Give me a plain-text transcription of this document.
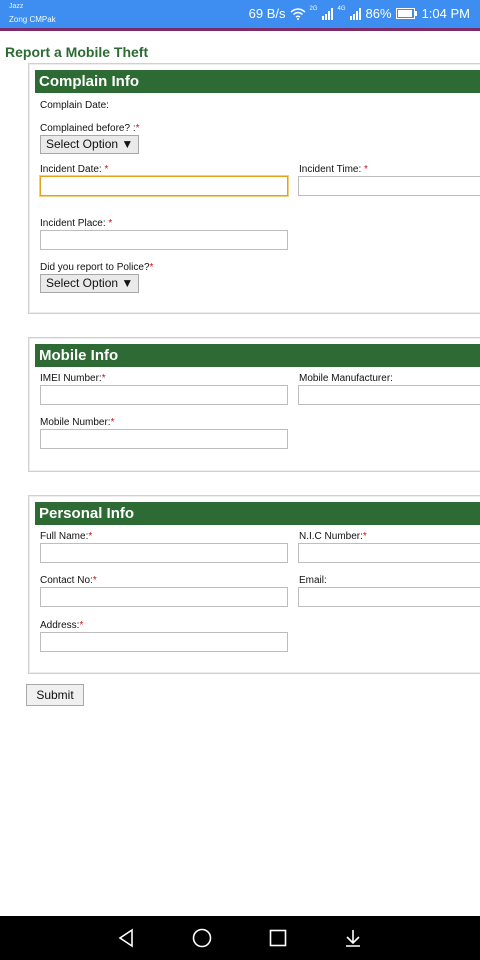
Jazz
Zong CMPak	69 B/s	2G	4G 86% 1:04 PM
Report a Mobile Theft
Complain Info
Complain Date:
Complained before? :*
Select Option ▼
Incident Date: *	Incident Time: *
Incident Place: *
Did you report to Police?*
Select Option ▼
Mobile Info
IMEI Number:*	Mobile Manufacturer:
Mobile Number:*
Personal Info
Full Name:*	N.I.C Number:*
Contact No:*	Email:
Address:*
Submit
